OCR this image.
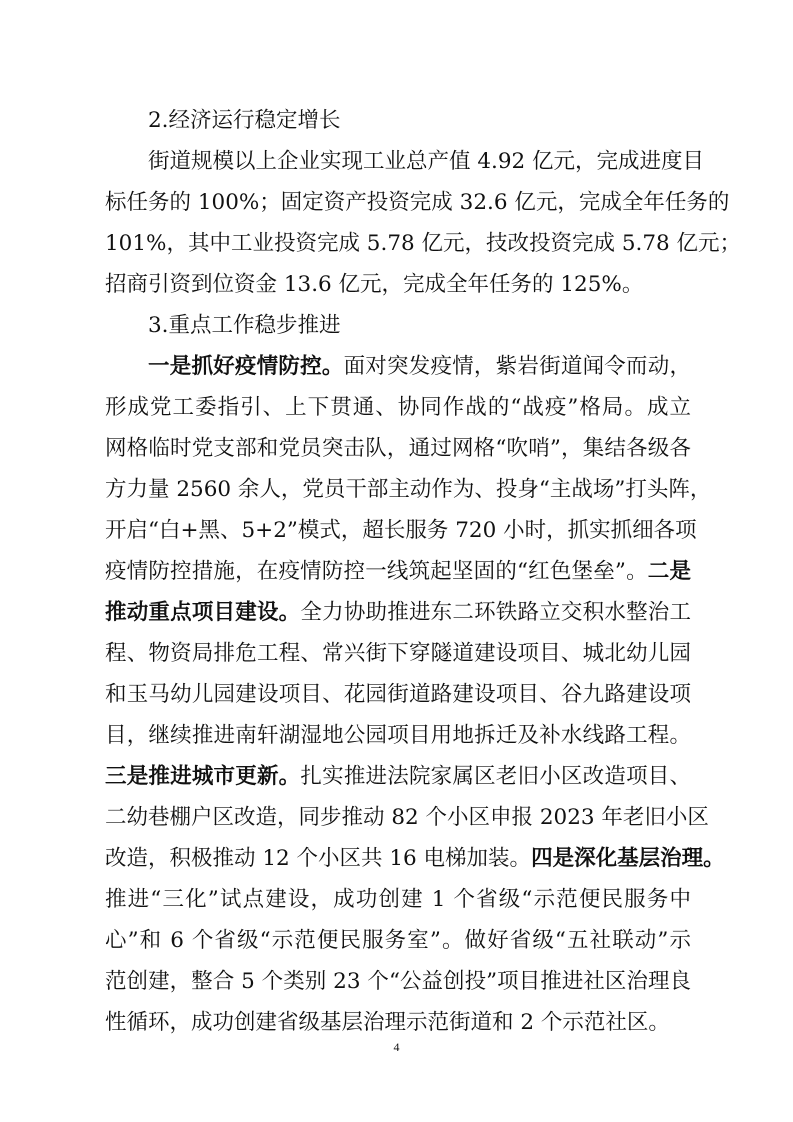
2.经济运行稳定增长

街道规模以上企业实现工业总产值 4.92 亿元，完成进度目
标任务的 100%；固定资产投资完成 32.6 亿元，完成全年任务的
101%，其中工业投资完成 5.78 亿元，技改投资完成 5.78 亿元；
招商引资到位资金 13.6 亿元，完成全年任务的 125%。

3.重点工作稳步推进

一是抓好疫情防控。面对突发疫情，紫岩街道闻令而动，
形成党工委指引、上下贯通、协同作战的“战疫”格局。成立
网格临时党支部和党员突击队，通过网格“吹哨”，集结各级各
方力量 2560 余人，党员干部主动作为、投身“主战场”打头阵，
开启“白+黑、5+2”模式，超长服务 720 小时，抓实抓细各项
疫情防控措施，在疫情防控一线筑起坚固的“红色堡垒”。二是
推动重点项目建设。全力协助推进东二环铁路立交积水整治工
程、物资局排危工程、常兴街下穿隧道建设项目、城北幼儿园
和玉马幼儿园建设项目、花园街道路建设项目、谷九路建设项
目，继续推进南轩湖湿地公园项目用地拆迁及补水线路工程。
三是推进城市更新。扎实推进法院家属区老旧小区改造项目、
二幼巷棚户区改造，同步推动 82 个小区申报 2023 年老旧小区
改造，积极推动 12 个小区共 16 电梯加装。四是深化基层治理。
推进“三化”试点建设，成功创建 1 个省级“示范便民服务中
心”和 6 个省级“示范便民服务室”。做好省级“五社联动”示
范创建，整合 5 个类别 23 个“公益创投”项目推进社区治理良
性循环，成功创建省级基层治理示范街道和 2 个示范社区。
4
